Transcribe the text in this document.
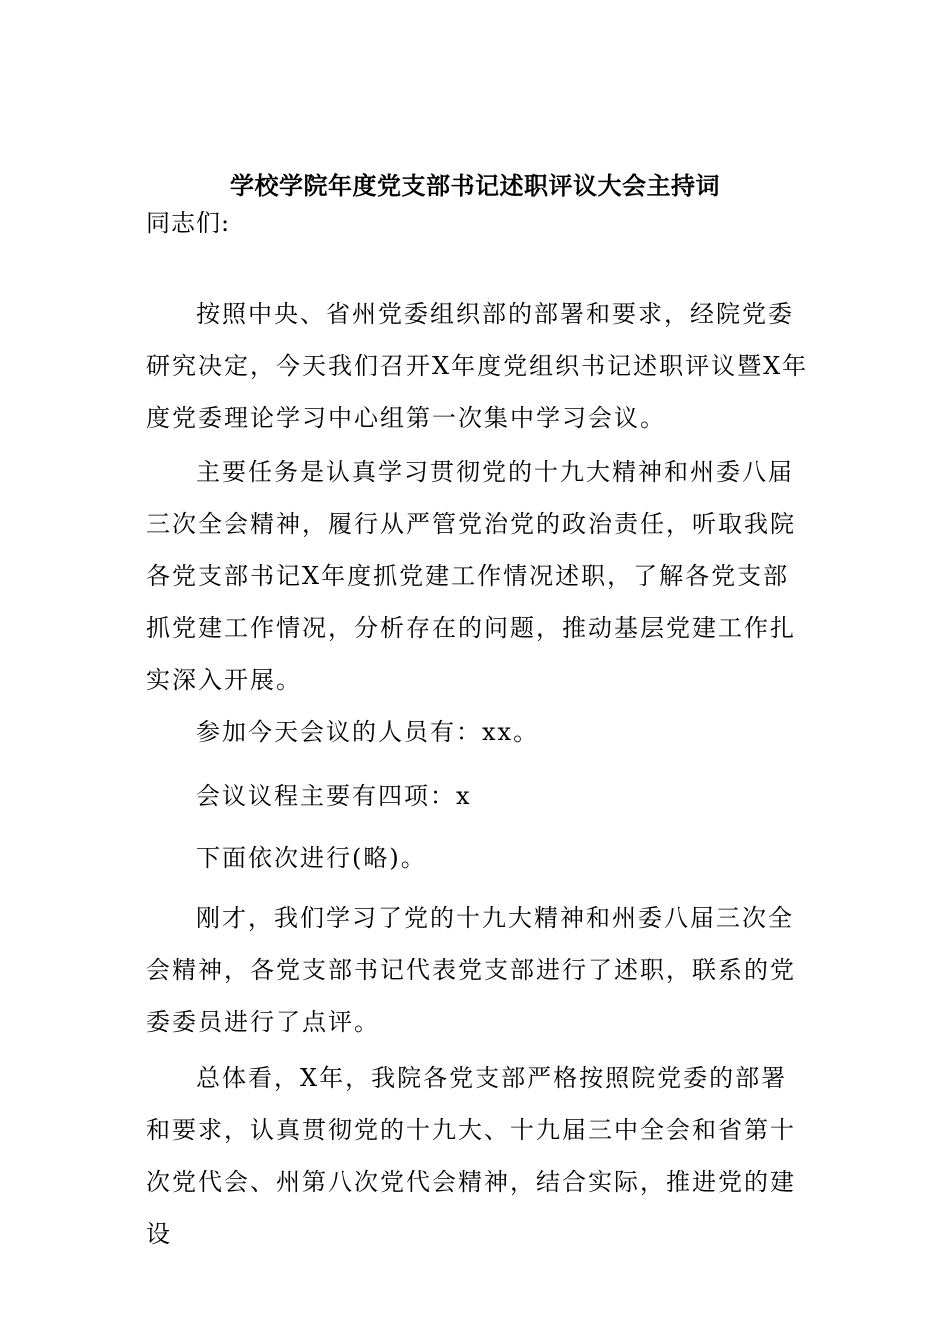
学校学院年度党支部书记述职评议大会主持词
同志们:

按照中央、省州党委组织部的部署和要求，经院党委研究决定，今天我们召开X年度党组织书记述职评议暨X年度党委理论学习中心组第一次集中学习会议。

主要任务是认真学习贯彻党的十九大精神和州委八届三次全会精神，履行从严管党治党的政治责任，听取我院各党支部书记X年度抓党建工作情况述职，了解各党支部抓党建工作情况，分析存在的问题，推动基层党建工作扎实深入开展。

参加今天会议的人员有：xx。

会议议程主要有四项：x

下面依次进行(略)。

刚才，我们学习了党的十九大精神和州委八届三次全会精神，各党支部书记代表党支部进行了述职，联系的党委委员进行了点评。

总体看，X年，我院各党支部严格按照院党委的部署和要求，认真贯彻党的十九大、十九届三中全会和省第十次党代会、州第八次党代会精神，结合实际，推进党的建设
